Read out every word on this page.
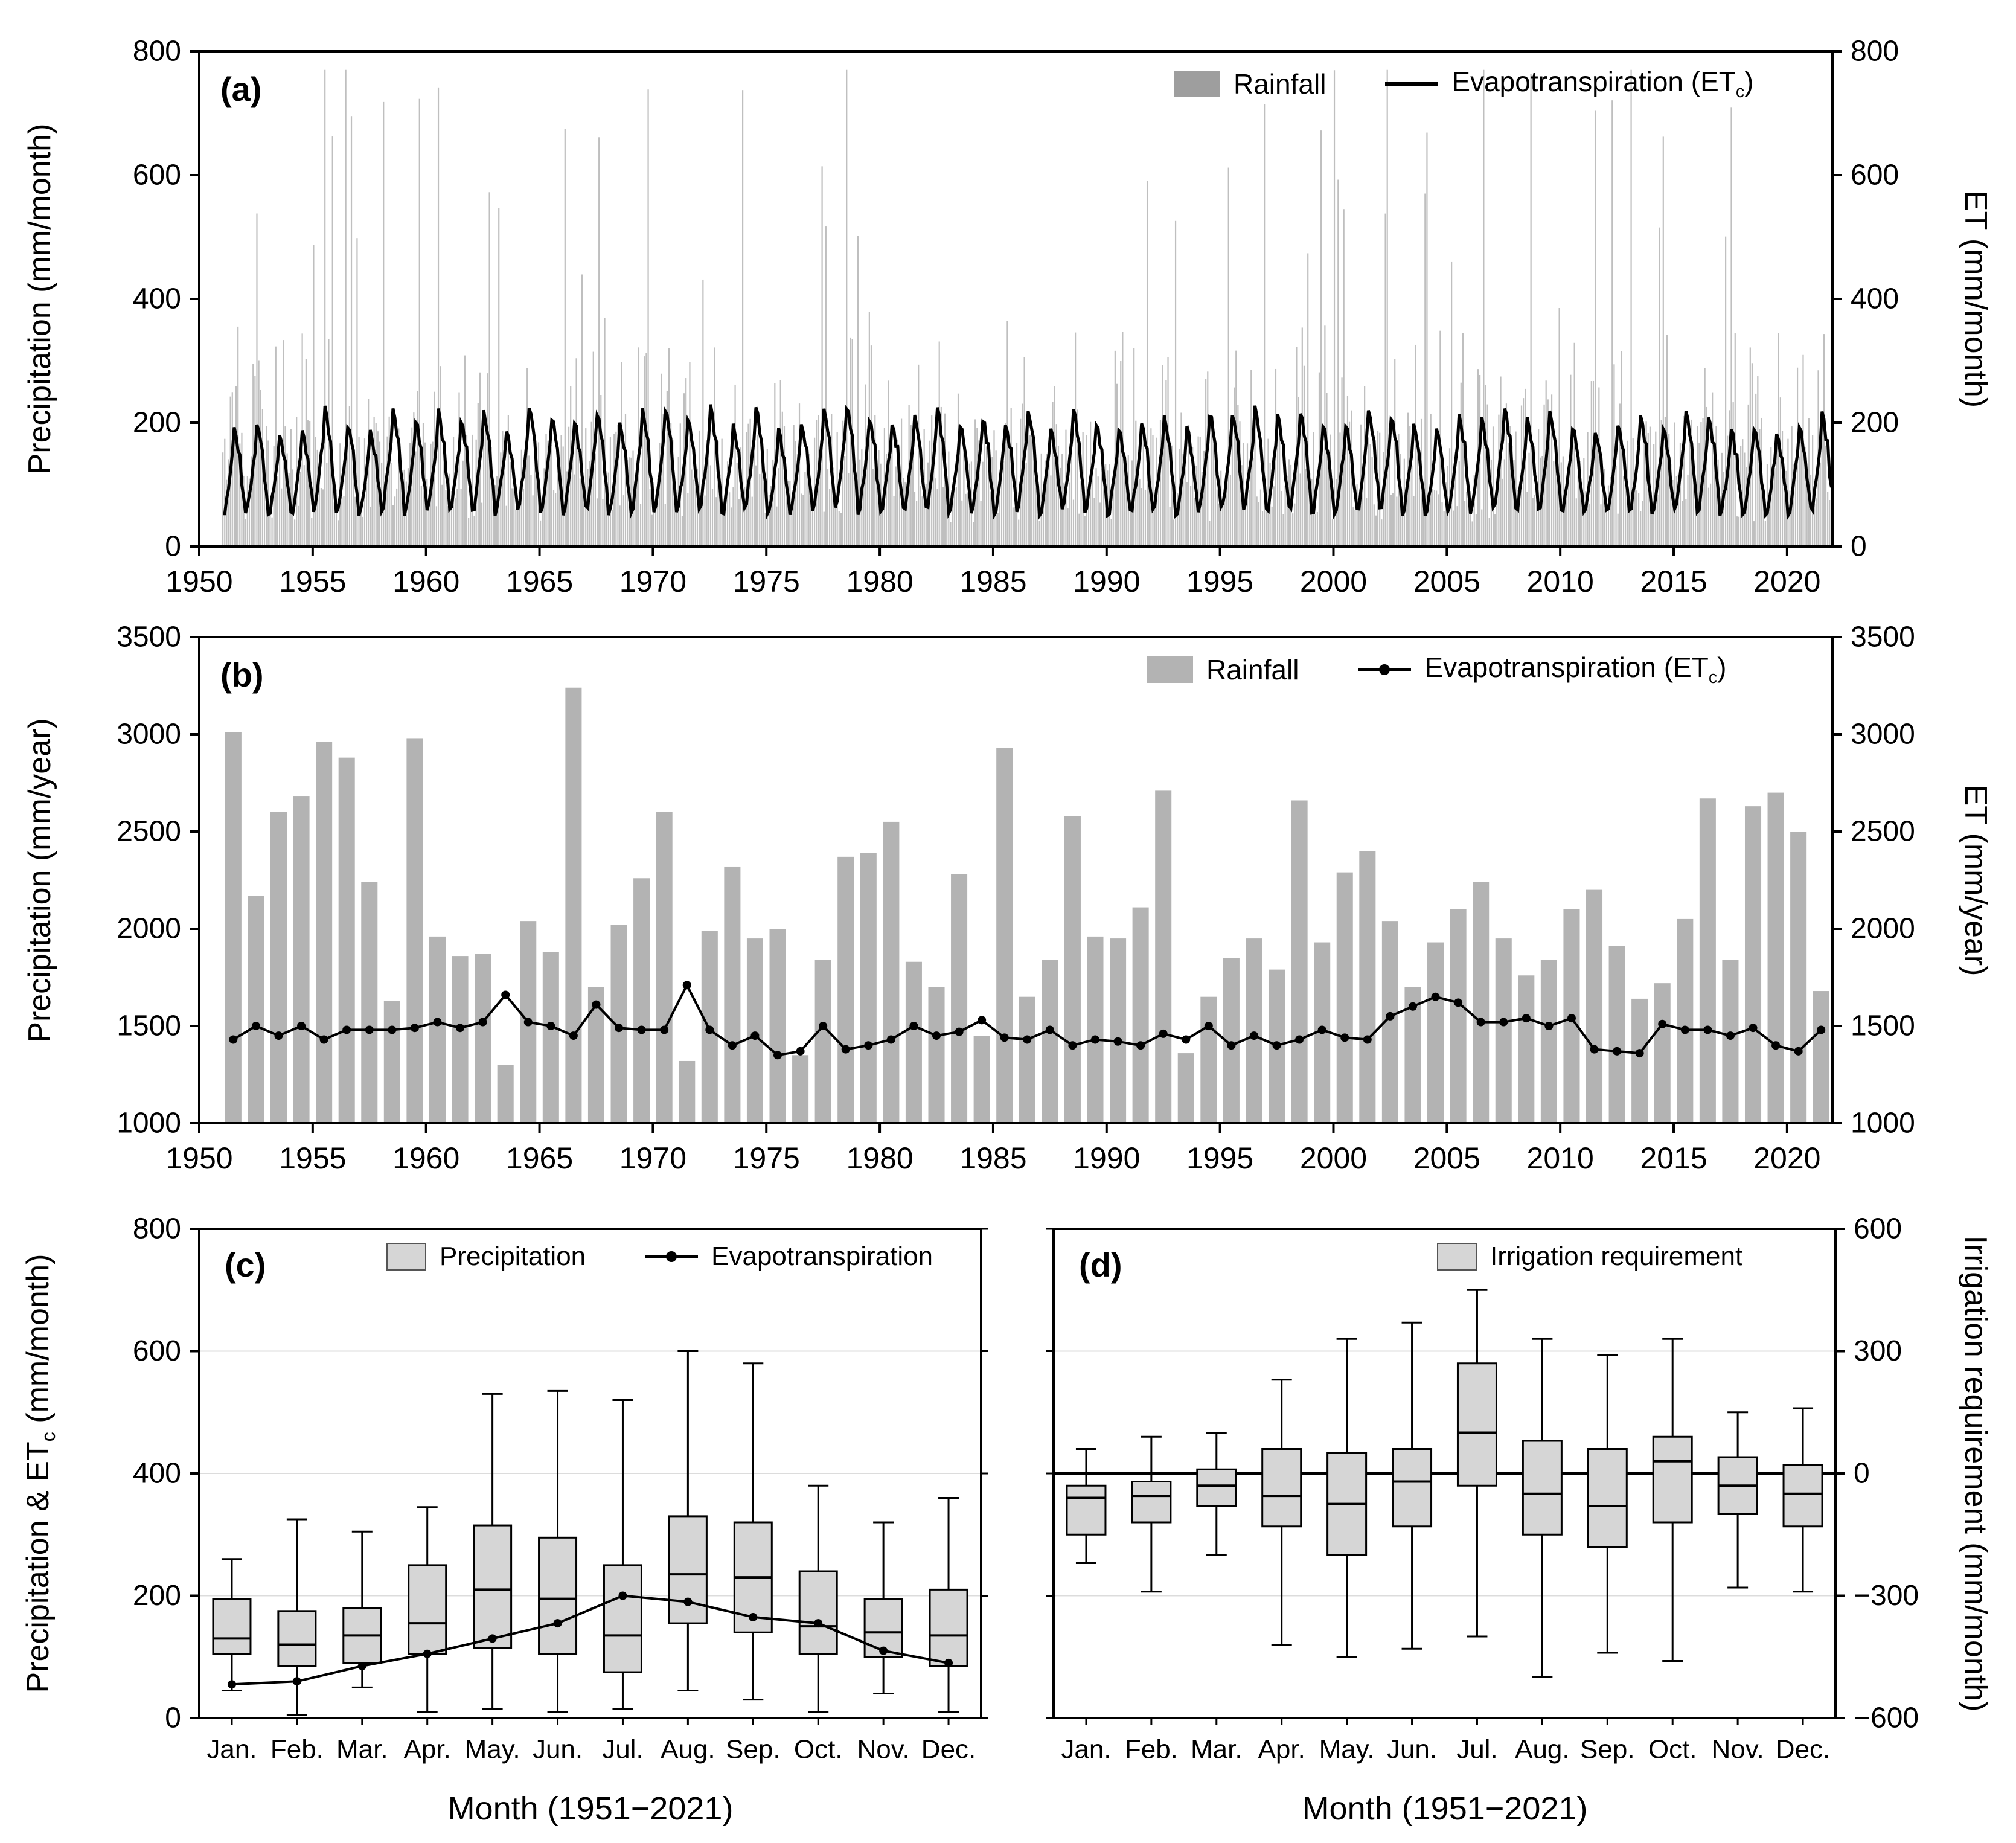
0	0
200	200
400	400
600	600
800	800
1950 1955 1960 1965 1970 1975 1980 1985 1990 1995 2000 2005 2010 2015 2020
1000	1000
1500	1500
2000	2000
2500	2500
3000	3000
3500	3500
1950 1955 1960 1965 1970 1975 1980 1985 1990 1995 2000 2005 2010 2015 2020
0
200
400
600
800
Jan. Feb. Mar. Apr. May. Jun. Jul. Aug. Sep. Oct. Nov. Dec.
600
300
0
−300
−600
Jan. Feb. Mar. Apr. May. Jun. Jul. Aug. Sep. Oct. Nov. Dec.
(a)
(b)
(c)	(d)
Precipitation (mm/month)	ET (mm/month)
Precipitation (mm/year)	ET (mm/year)
Precipitation & $ET_c$ (mm/month)	Irrigation requirement (mm/month)
Month (1951−2021)	Month (1951−2021)
Rainfall	Evapotranspiration $(ET_c)$
Rainfall	Evapotranspiration $(ET_c)$
Precipitation	Evapotranspiration	Irrigation requirement
